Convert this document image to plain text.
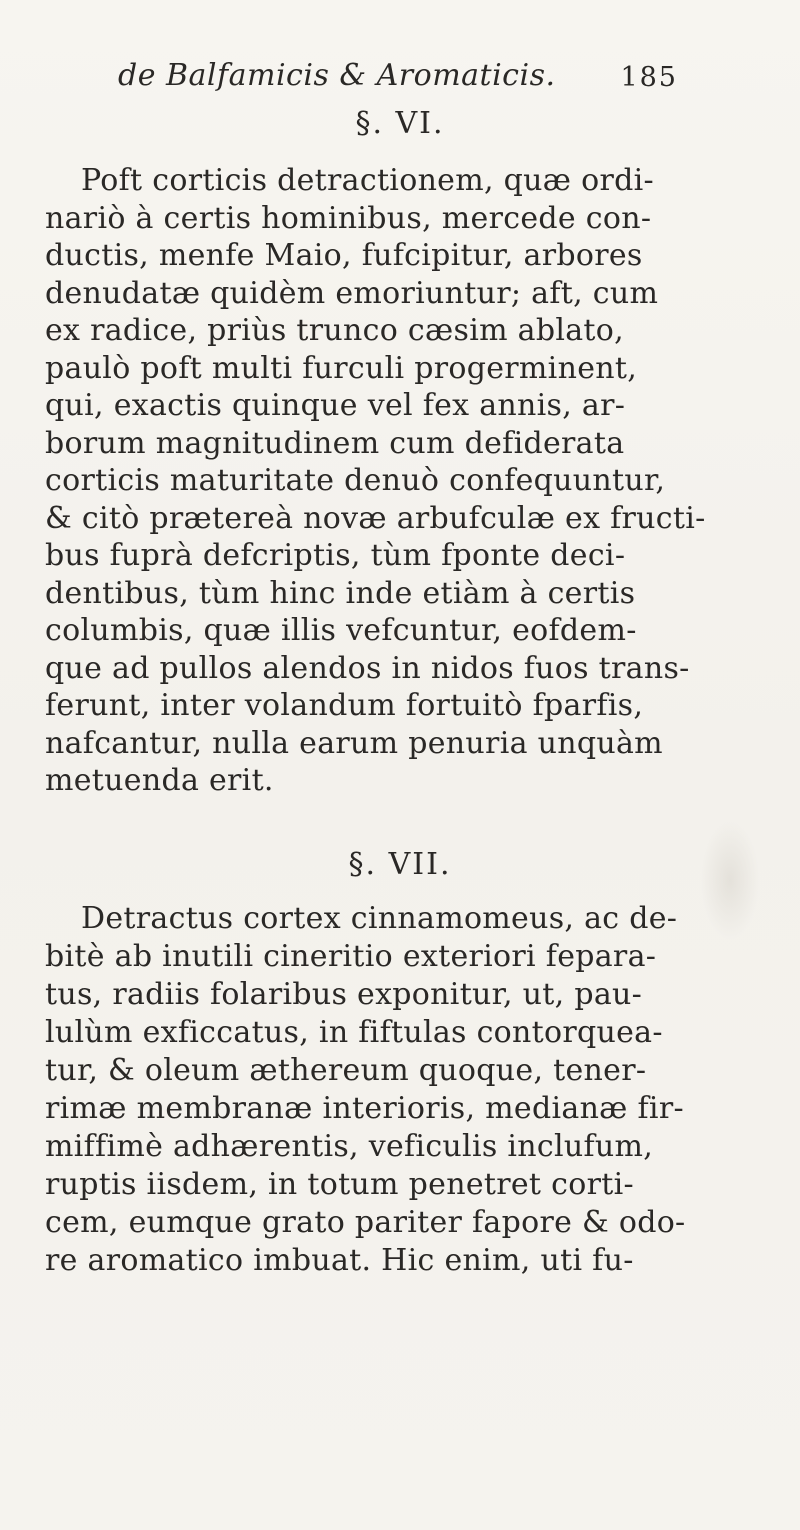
de Balfamicis & Aromaticis. 185
§. VI.
Poft corticis detractionem, quæ ordi-
nariò à certis hominibus, mercede con-
ductis, menfe Maio, fufcipitur, arbores
denudatæ quidèm emoriuntur; aft, cum
ex radice, priùs trunco cæsim ablato,
paulò poft multi furculi progerminent,
qui, exactis quinque vel fex annis, ar-
borum magnitudinem cum defiderata
corticis maturitate denuò confequuntur,
& citò prætereà novæ arbufculæ ex fructi-
bus fuprà defcriptis, tùm fponte deci-
dentibus, tùm hinc inde etiàm à certis
columbis, quæ illis vefcuntur, eofdem-
que ad pullos alendos in nidos fuos trans-
ferunt, inter volandum fortuitò fparfis,
nafcantur, nulla earum penuria unquàm
metuenda erit.
§. VII.
Detractus cortex cinnamomeus, ac de-
bitè ab inutili cineritio exteriori fepara-
tus, radiis folaribus exponitur, ut, pau-
lulùm exficcatus, in fiftulas contorquea-
tur, & oleum æthereum quoque, tener-
rimæ membranæ interioris, medianæ fir-
miffimè adhærentis, veficulis inclufum,
ruptis iisdem, in totum penetret corti-
cem, eumque grato pariter fapore & odo-
re aromatico imbuat. Hic enim, uti fu-
